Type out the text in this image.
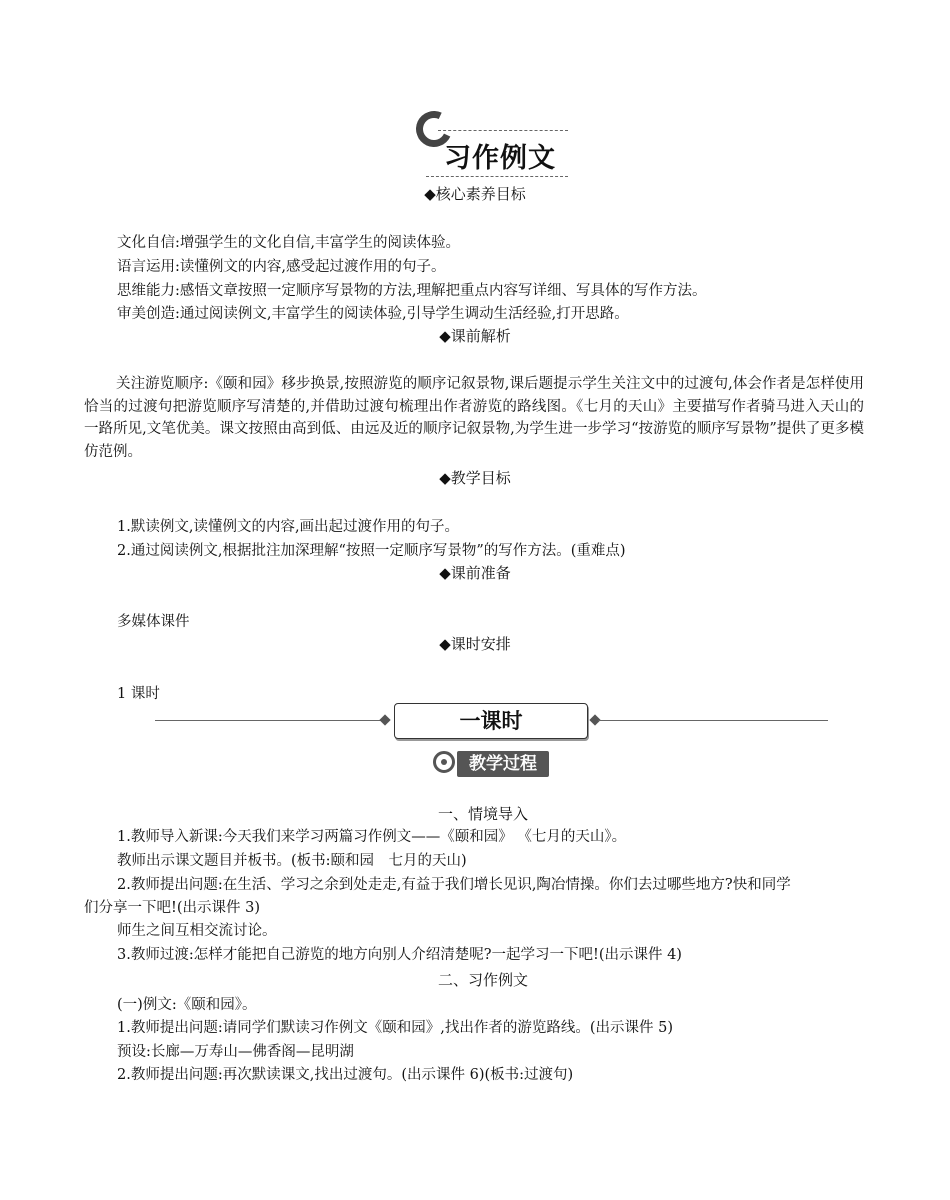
习作例文
◆核心素养目标
文化自信:增强学生的文化自信,丰富学生的阅读体验。
语言运用:读懂例文的内容,感受起过渡作用的句子。
思维能力:感悟文章按照一定顺序写景物的方法,理解把重点内容写详细、写具体的写作方法。
审美创造:通过阅读例文,丰富学生的阅读体验,引导学生调动生活经验,打开思路。
◆课前解析
关注游览顺序:《颐和园》移步换景,按照游览的顺序记叙景物,课后题提示学生关注文中的过渡句,体会作者是怎样使用恰当的过渡句把游览顺序写清楚的,并借助过渡句梳理出作者游览的路线图。《七月的天山》主要描写作者骑马进入天山的一路所见,文笔优美。课文按照由高到低、由远及近的顺序记叙景物,为学生进一步学习“按游览的顺序写景物”提供了更多模仿范例。
◆教学目标
1.默读例文,读懂例文的内容,画出起过渡作用的句子。
2.通过阅读例文,根据批注加深理解“按照一定顺序写景物”的写作方法。(重难点)
◆课前准备
多媒体课件
◆课时安排
1 课时
一课时
教学过程
一、情境导入
1.教师导入新课:今天我们来学习两篇习作例文——《颐和园》 《七月的天山》。
教师出示课文题目并板书。(板书:颐和园　七月的天山)
2.教师提出问题:在生活、学习之余到处走走,有益于我们增长见识,陶冶情操。你们去过哪些地方?快和同学
们分享一下吧!(出示课件 3)
师生之间互相交流讨论。
3.教师过渡:怎样才能把自己游览的地方向别人介绍清楚呢?一起学习一下吧!(出示课件 4)
二、习作例文
(一)例文:《颐和园》。
1.教师提出问题:请同学们默读习作例文《颐和园》,找出作者的游览路线。(出示课件 5)
预设:长廊—万寿山—佛香阁—昆明湖
2.教师提出问题:再次默读课文,找出过渡句。(出示课件 6)(板书:过渡句)
